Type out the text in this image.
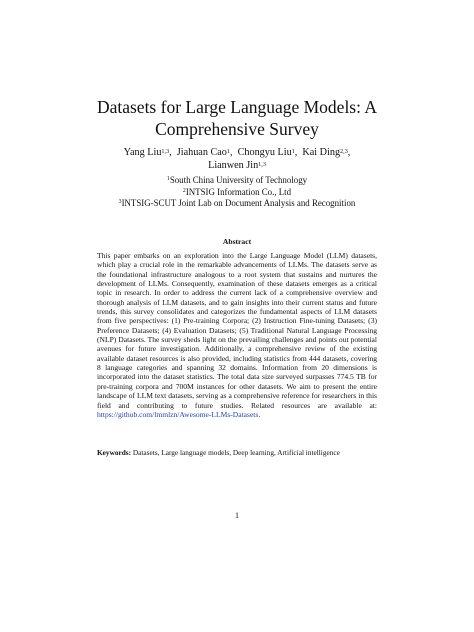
Datasets for Large Language Models: A
Comprehensive Survey
Yang Liu$^{1,3}$, Jiahuan Cao$^1$, Chongyu Liu$^1$, Kai Ding$^{2,3}$,
Lianwen Jin$^{1,3}$
$^1$South China University of Technology
$^2$INTSIG Information Co., Ltd
$^3$INTSIG-SCUT Joint Lab on Document Analysis and Recognition
Abstract
This paper embarks on an exploration into the Large Language Model (LLM) datasets, which play a crucial role in the remarkable advancements of LLMs. The datasets serve as the foundational infrastructure analogous to a root system that sustains and nurtures the development of LLMs. Consequently, examination of these datasets emerges as a critical topic in research. In order to address the current lack of a comprehensive overview and thorough analysis of LLM datasets, and to gain insights into their current status and future trends, this survey consolidates and categorizes the fundamental aspects of LLM datasets from five perspectives: (1) Pre-training Corpora; (2) Instruction Fine-tuning Datasets; (3) Preference Datasets; (4) Evaluation Datasets; (5) Traditional Natural Language Processing (NLP) Datasets. The survey sheds light on the prevailing challenges and points out potential avenues for future investigation. Additionally, a comprehensive review of the existing available dataset resources is also provided, including statistics from 444 datasets, covering 8 language categories and spanning 32 domains. Information from 20 dimensions is incorporated into the dataset statistics. The total data size surveyed surpasses 774.5 TB for pre-training corpora and 700M instances for other datasets. We aim to present the entire landscape of LLM text datasets, serving as a comprehensive reference for researchers in this field and contributing to future studies. Related resources are available at: https://github.com/lmmlzn/Awesome-LLMs-Datasets.
Keywords: Datasets, Large language models, Deep learning, Artificial intelligence
1
